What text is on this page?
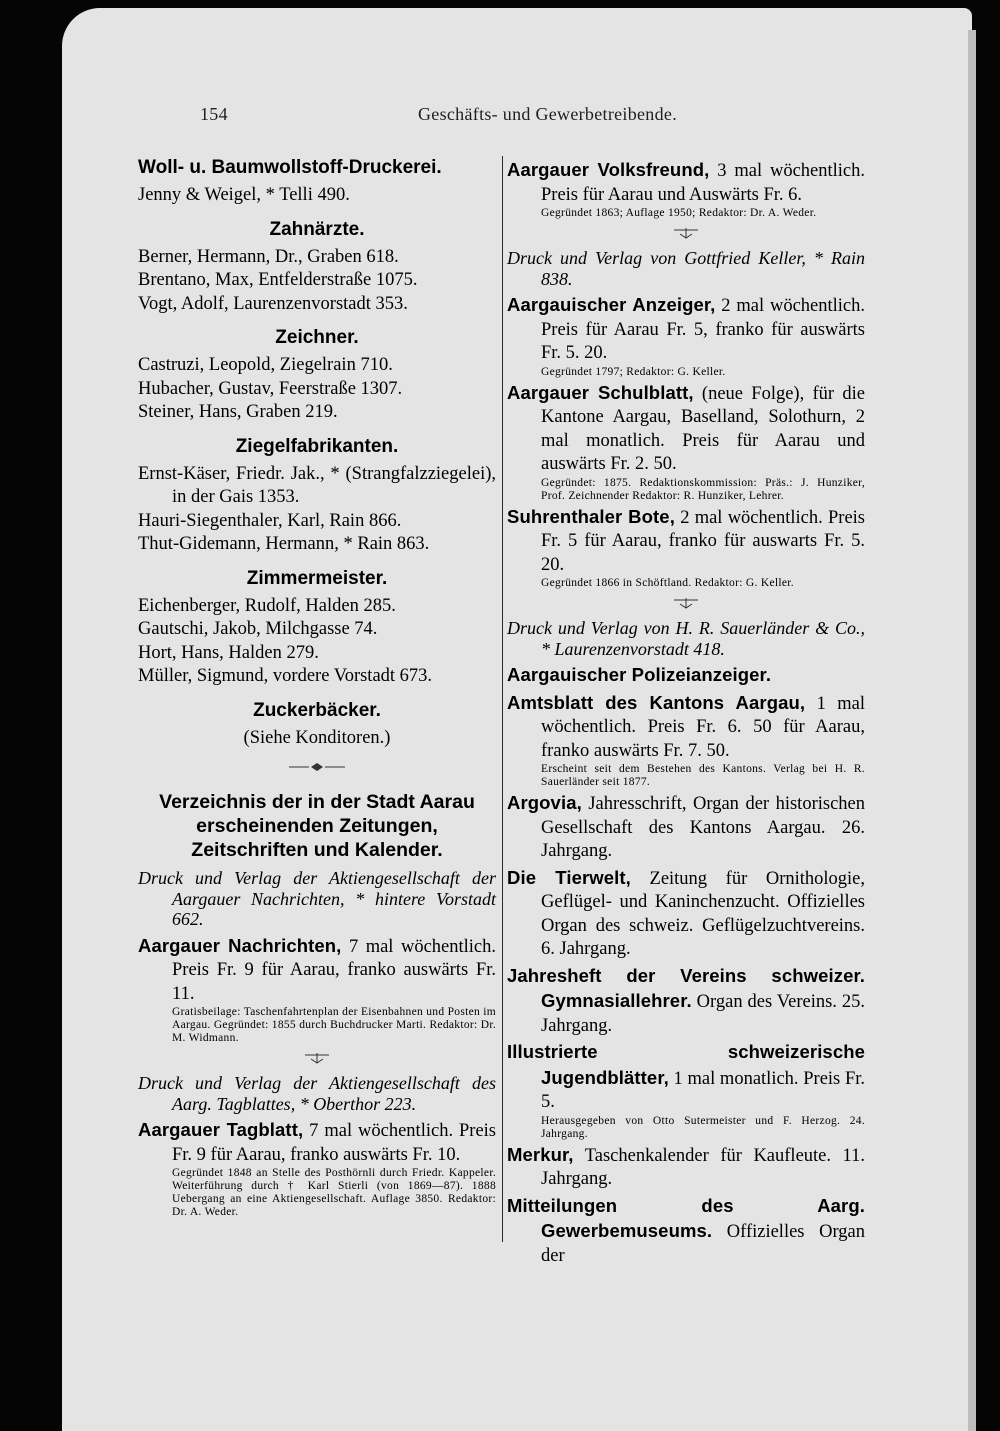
154	Geschäfts- und Gewerbetreibende.
Woll- u. Baumwollstoff-Druckerei.
Jenny & Weigel, * Telli 490.
Zahnärzte.
Berner, Hermann, Dr., Graben 618.
Brentano, Max, Entfelderstraße 1075.
Vogt, Adolf, Laurenzenvorstadt 353.
Zeichner.
Castruzi, Leopold, Ziegelrain 710.
Hubacher, Gustav, Feerstraße 1307.
Steiner, Hans, Graben 219.
Ziegelfabrikanten.
Ernst-Käser, Friedr. Jak., * (Strangfalzziegelei), in der Gais 1353.
Hauri-Siegenthaler, Karl, Rain 866.
Thut-Gidemann, Hermann, * Rain 863.
Zimmermeister.
Eichenberger, Rudolf, Halden 285.
Gautschi, Jakob, Milchgasse 74.
Hort, Hans, Halden 279.
Müller, Sigmund, vordere Vorstadt 673.
Zuckerbäcker.
(Siehe Konditoren.)
Verzeichnis der in der Stadt Aarau erscheinenden Zeitungen, Zeitschriften und Kalender.
Druck und Verlag der Aktiengesellschaft der Aargauer Nachrichten, * hintere Vorstadt 662.
Aargauer Nachrichten, 7 mal wöchentlich. Preis Fr. 9 für Aarau, franko auswärts Fr. 11.
Gratisbeilage: Taschenfahrtenplan der Eisenbahnen und Posten im Aargau. Gegründet: 1855 durch Buchdrucker Marti. Redaktor: Dr. M. Widmann.
Druck und Verlag der Aktiengesellschaft des Aarg. Tagblattes, * Oberthor 223.
Aargauer Tagblatt, 7 mal wöchentlich. Preis Fr. 9 für Aarau, franko auswärts Fr. 10.
Gegründet 1848 an Stelle des Posthörnli durch Friedr. Kappeler. Weiterführung durch † Karl Stierli (von 1869—87). 1888 Uebergang an eine Aktiengesellschaft. Auflage 3850. Redaktor: Dr. A. Weder.
Aargauer Volksfreund, 3 mal wöchentlich. Preis für Aarau und Auswärts Fr. 6.
Gegründet 1863; Auflage 1950; Redaktor: Dr. A. Weder.
Druck und Verlag von Gottfried Keller, * Rain 838.
Aargauischer Anzeiger, 2 mal wöchentlich. Preis für Aarau Fr. 5, franko für auswärts Fr. 5. 20.
Gegründet 1797; Redaktor: G. Keller.
Aargauer Schulblatt, (neue Folge), für die Kantone Aargau, Baselland, Solothurn, 2 mal monatlich. Preis für Aarau und auswärts Fr. 2. 50.
Gegründet: 1875. Redaktionskommission: Präs.: J. Hunziker, Prof. Zeichnender Redaktor: R. Hunziker, Lehrer.
Suhrenthaler Bote, 2 mal wöchentlich. Preis Fr. 5 für Aarau, franko für auswarts Fr. 5. 20.
Gegründet 1866 in Schöftland. Redaktor: G. Keller.
Druck und Verlag von H. R. Sauerländer & Co., * Laurenzenvorstadt 418.
Aargauischer Polizeianzeiger.
Amtsblatt des Kantons Aargau, 1 mal wöchentlich. Preis Fr. 6. 50 für Aarau, franko auswärts Fr. 7. 50.
Erscheint seit dem Bestehen des Kantons. Verlag bei H. R. Sauerländer seit 1877.
Argovia, Jahresschrift, Organ der historischen Gesellschaft des Kantons Aargau. 26. Jahrgang.
Die Tierwelt, Zeitung für Ornithologie, Geflügel- und Kaninchenzucht. Offizielles Organ des schweiz. Geflügelzuchtvereins. 6. Jahrgang.
Jahresheft der Vereins schweizer. Gymnasiallehrer. Organ des Vereins. 25. Jahrgang.
Illustrierte schweizerische Jugendblätter, 1 mal monatlich. Preis Fr. 5.
Herausgegeben von Otto Sutermeister und F. Herzog. 24. Jahrgang.
Merkur, Taschenkalender für Kaufleute. 11. Jahrgang.
Mitteilungen des Aarg. Gewerbemuseums. Offizielles Organ der
